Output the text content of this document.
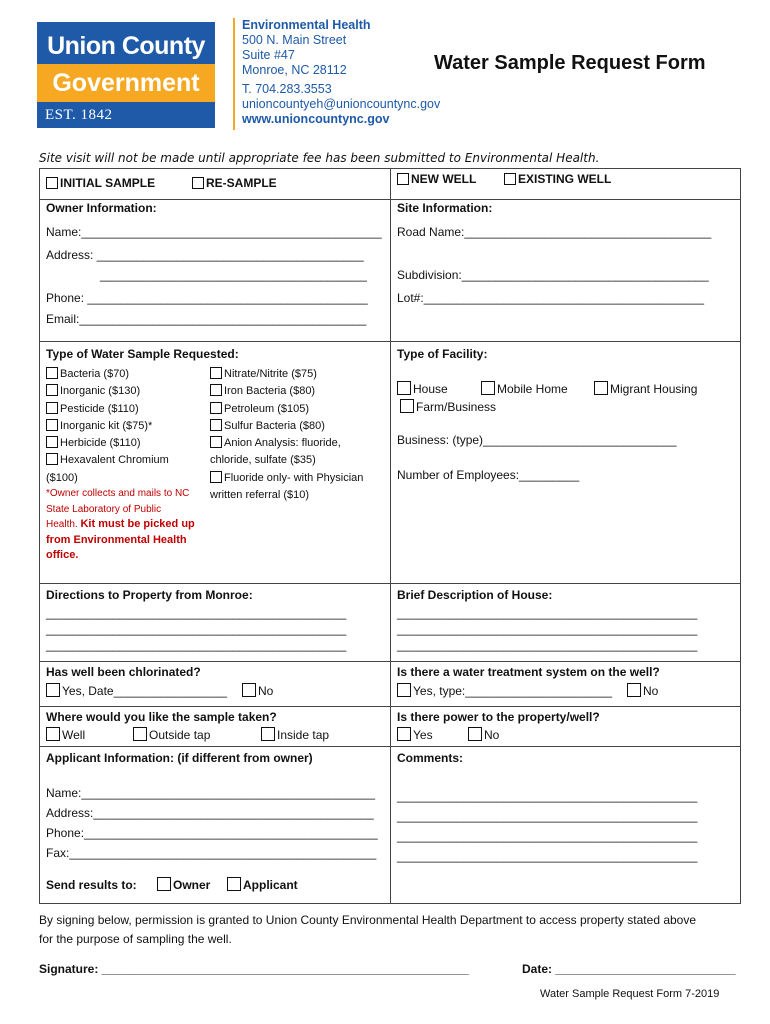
Union County
Government
EST. 1842
Environmental Health
500 N. Main Street
Suite #47
Monroe, NC 28112
T. 704.283.3553
unioncountyeh@unioncountync.gov
www.unioncountync.gov
Water Sample Request Form
Site visit will not be made until appropriate fee has been submitted to Environmental Health.
INITIAL SAMPLE	RE-SAMPLE	NEW WELL	EXISTING WELL
Owner Information:
Name:_____________________________________________
Address: ________________________________________
________________________________________
Phone: __________________________________________
Email:___________________________________________
Site Information:
Road Name:_____________________________________
Subdivision:_____________________________________
Lot#:__________________________________________
Type of Water Sample Requested:
Bacteria ($70)
Inorganic ($130)
Pesticide ($110)
Inorganic kit ($75)*
Herbicide ($110)
Hexavalent Chromium
($100)
*Owner collects and mails to NC
State Laboratory of Public
Health. Kit must be picked up
from Environmental Health
office.
Nitrate/Nitrite ($75)
Iron Bacteria ($80)
Petroleum ($105)
Sulfur Bacteria ($80)
Anion Analysis: fluoride,
chloride, sulfate ($35)
Fluoride only- with Physician
written referral ($10)
Type of Facility:
House	Mobile Home	Migrant Housing
Farm/Business
Business: (type)_____________________________
Number of Employees:_________
Directions to Property from Monroe:
_____________________________________________
_____________________________________________
_____________________________________________
Brief Description of House:
_____________________________________________
_____________________________________________
_____________________________________________
Has well been chlorinated?
Yes, Date_________________	No
Is there a water treatment system on the well?
Yes, type:______________________	No
Where would you like the sample taken?
Well	Outside tap	Inside tap
Is there power to the property/well?
Yes	No
Applicant Information: (if different from owner)
Name:____________________________________________
Address:__________________________________________
Phone:____________________________________________
Fax:______________________________________________
Send results to:	Owner	Applicant
Comments:
_____________________________________________
_____________________________________________
_____________________________________________
_____________________________________________
By signing below, permission is granted to Union County Environmental Health Department to access property stated above
for the purpose of sampling the well.
Signature: _______________________________________________________	Date: ___________________________
Water Sample Request Form 7-2019
